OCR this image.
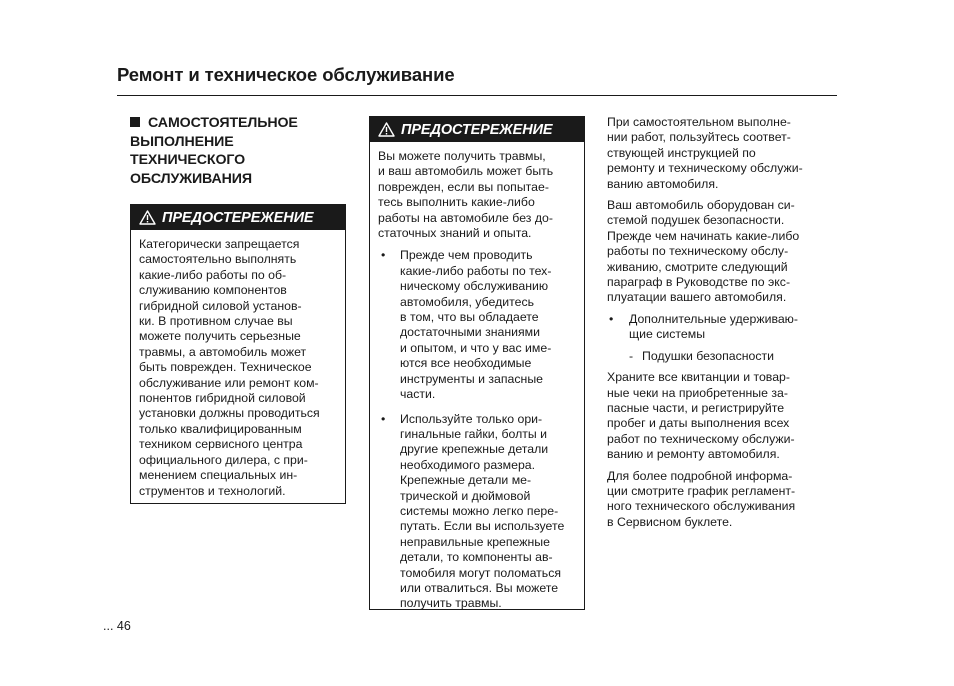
Ремонт и техническое обслуживание
САМОСТОЯТЕЛЬНОЕ ВЫПОЛНЕНИЕ ТЕХНИЧЕСКОГО ОБСЛУЖИВАНИЯ
ПРЕДОСТЕРЕЖЕНИЕ

Категорически запрещается
самостоятельно выполнять
какие-либо работы по об-
служиванию компонентов
гибридной силовой установ-
ки. В противном случае вы
можете получить серьезные
травмы, а автомобиль может
быть поврежден. Техническое
обслуживание или ремонт ком-
понентов гибридной силовой
установки должны проводиться
только квалифицированным
техником сервисного центра
официального дилера, с при-
менением специальных ин-
струментов и технологий.

ПРЕДОСТЕРЕЖЕНИЕ

Вы можете получить травмы,
и ваш автомобиль может быть
поврежден, если вы попытае-
тесь выполнить какие-либо
работы на автомобиле без до-
статочных знаний и опыта.

• Прежде чем проводить
какие-либо работы по тех-
ническому обслуживанию
автомобиля, убедитесь
в том, что вы обладаете
достаточными знаниями
и опытом, и что у вас име-
ются все необходимые
инструменты и запасные
части.
• Используйте только ори-
гинальные гайки, болты и
другие крепежные детали
необходимого размера.
Крепежные детали ме-
трической и дюймовой
системы можно легко пере-
путать. Если вы используете
неправильные крепежные
детали, то компоненты ав-
томобиля могут поломаться
или отвалиться. Вы можете
получить травмы.

При самостоятельном выполне-
нии работ, пользуйтесь соответ-
ствующей инструкцией по
ремонту и техническому обслужи-
ванию автомобиля.

Ваш автомобиль оборудован си-
стемой подушек безопасности.
Прежде чем начинать какие-либо
работы по техническому обслу-
живанию, смотрите следующий
параграф в Руководстве по экс-
плуатации вашего автомобиля.

• Дополнительные удерживаю-
щие системы
- Подушки безопасности

Храните все квитанции и товар-
ные чеки на приобретенные за-
пасные части, и регистрируйте
пробег и даты выполнения всех
работ по техническому обслужи-
ванию и ремонту автомобиля.

Для более подробной информа-
ции смотрите график регламент-
ного технического обслуживания
в Сервисном буклете.

... 46
